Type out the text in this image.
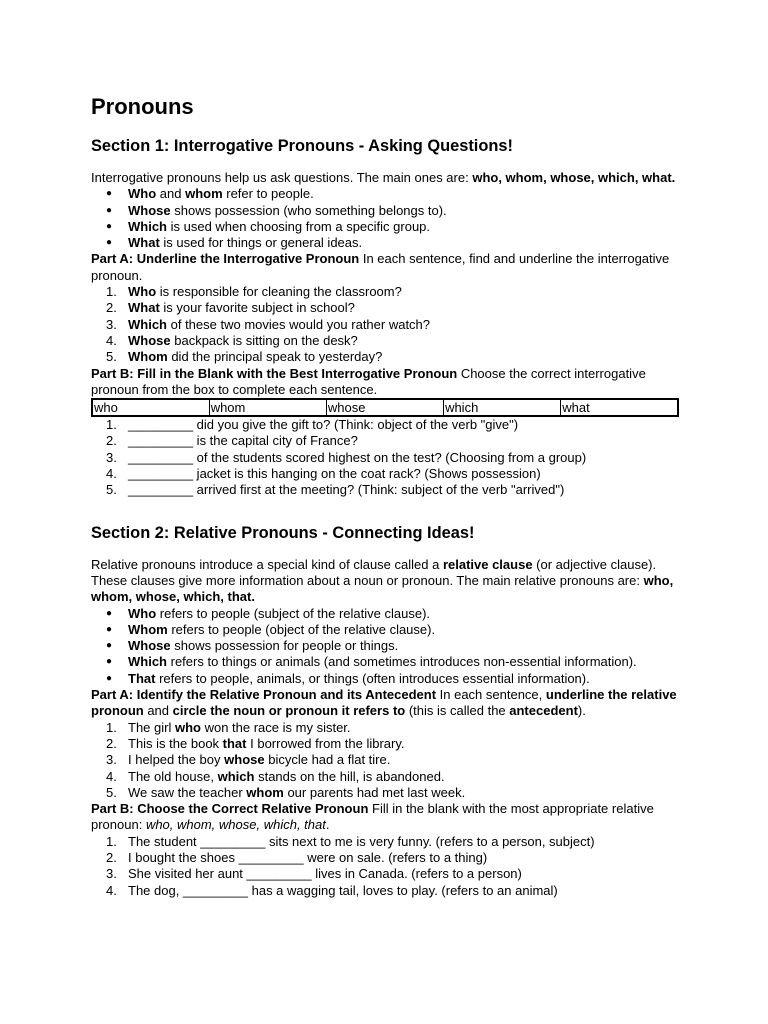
Pronouns
Section 1: Interrogative Pronouns - Asking Questions!

Interrogative pronouns help us ask questions. The main ones are: who, whom, whose, which, what.

● Who and whom refer to people.
● Whose shows possession (who something belongs to).
● Which is used when choosing from a specific group.
● What is used for things or general ideas.

Part A: Underline the Interrogative Pronoun In each sentence, find and underline the interrogative pronoun.

1. Who is responsible for cleaning the classroom?
2. What is your favorite subject in school?
3. Which of these two movies would you rather watch?
4. Whose backpack is sitting on the desk?
5. Whom did the principal speak to yesterday?

Part B: Fill in the Blank with the Best Interrogative Pronoun Choose the correct interrogative pronoun from the box to complete each sentence.

who	whom	whose	which	what
1. _________ did you give the gift to? (Think: object of the verb "give")
2. _________ is the capital city of France?
3. _________ of the students scored highest on the test? (Choosing from a group)
4. _________ jacket is this hanging on the coat rack? (Shows possession)
5. _________ arrived first at the meeting? (Think: subject of the verb "arrived")
Section 2: Relative Pronouns - Connecting Ideas!

Relative pronouns introduce a special kind of clause called a relative clause (or adjective clause). These clauses give more information about a noun or pronoun. The main relative pronouns are: who, whom, whose, which, that.

● Who refers to people (subject of the relative clause).
● Whom refers to people (object of the relative clause).
● Whose shows possession for people or things.
● Which refers to things or animals (and sometimes introduces non-essential information).
● That refers to people, animals, or things (often introduces essential information).

Part A: Identify the Relative Pronoun and its Antecedent In each sentence, underline the relative pronoun and circle the noun or pronoun it refers to (this is called the antecedent).

1. The girl who won the race is my sister.
2. This is the book that I borrowed from the library.
3. I helped the boy whose bicycle had a flat tire.
4. The old house, which stands on the hill, is abandoned.
5. We saw the teacher whom our parents had met last week.

Part B: Choose the Correct Relative Pronoun Fill in the blank with the most appropriate relative pronoun: who, whom, whose, which, that.

1. The student _________ sits next to me is very funny. (refers to a person, subject)
2. I bought the shoes _________ were on sale. (refers to a thing)
3. She visited her aunt _________ lives in Canada. (refers to a person)
4. The dog, _________ has a wagging tail, loves to play. (refers to an animal)
